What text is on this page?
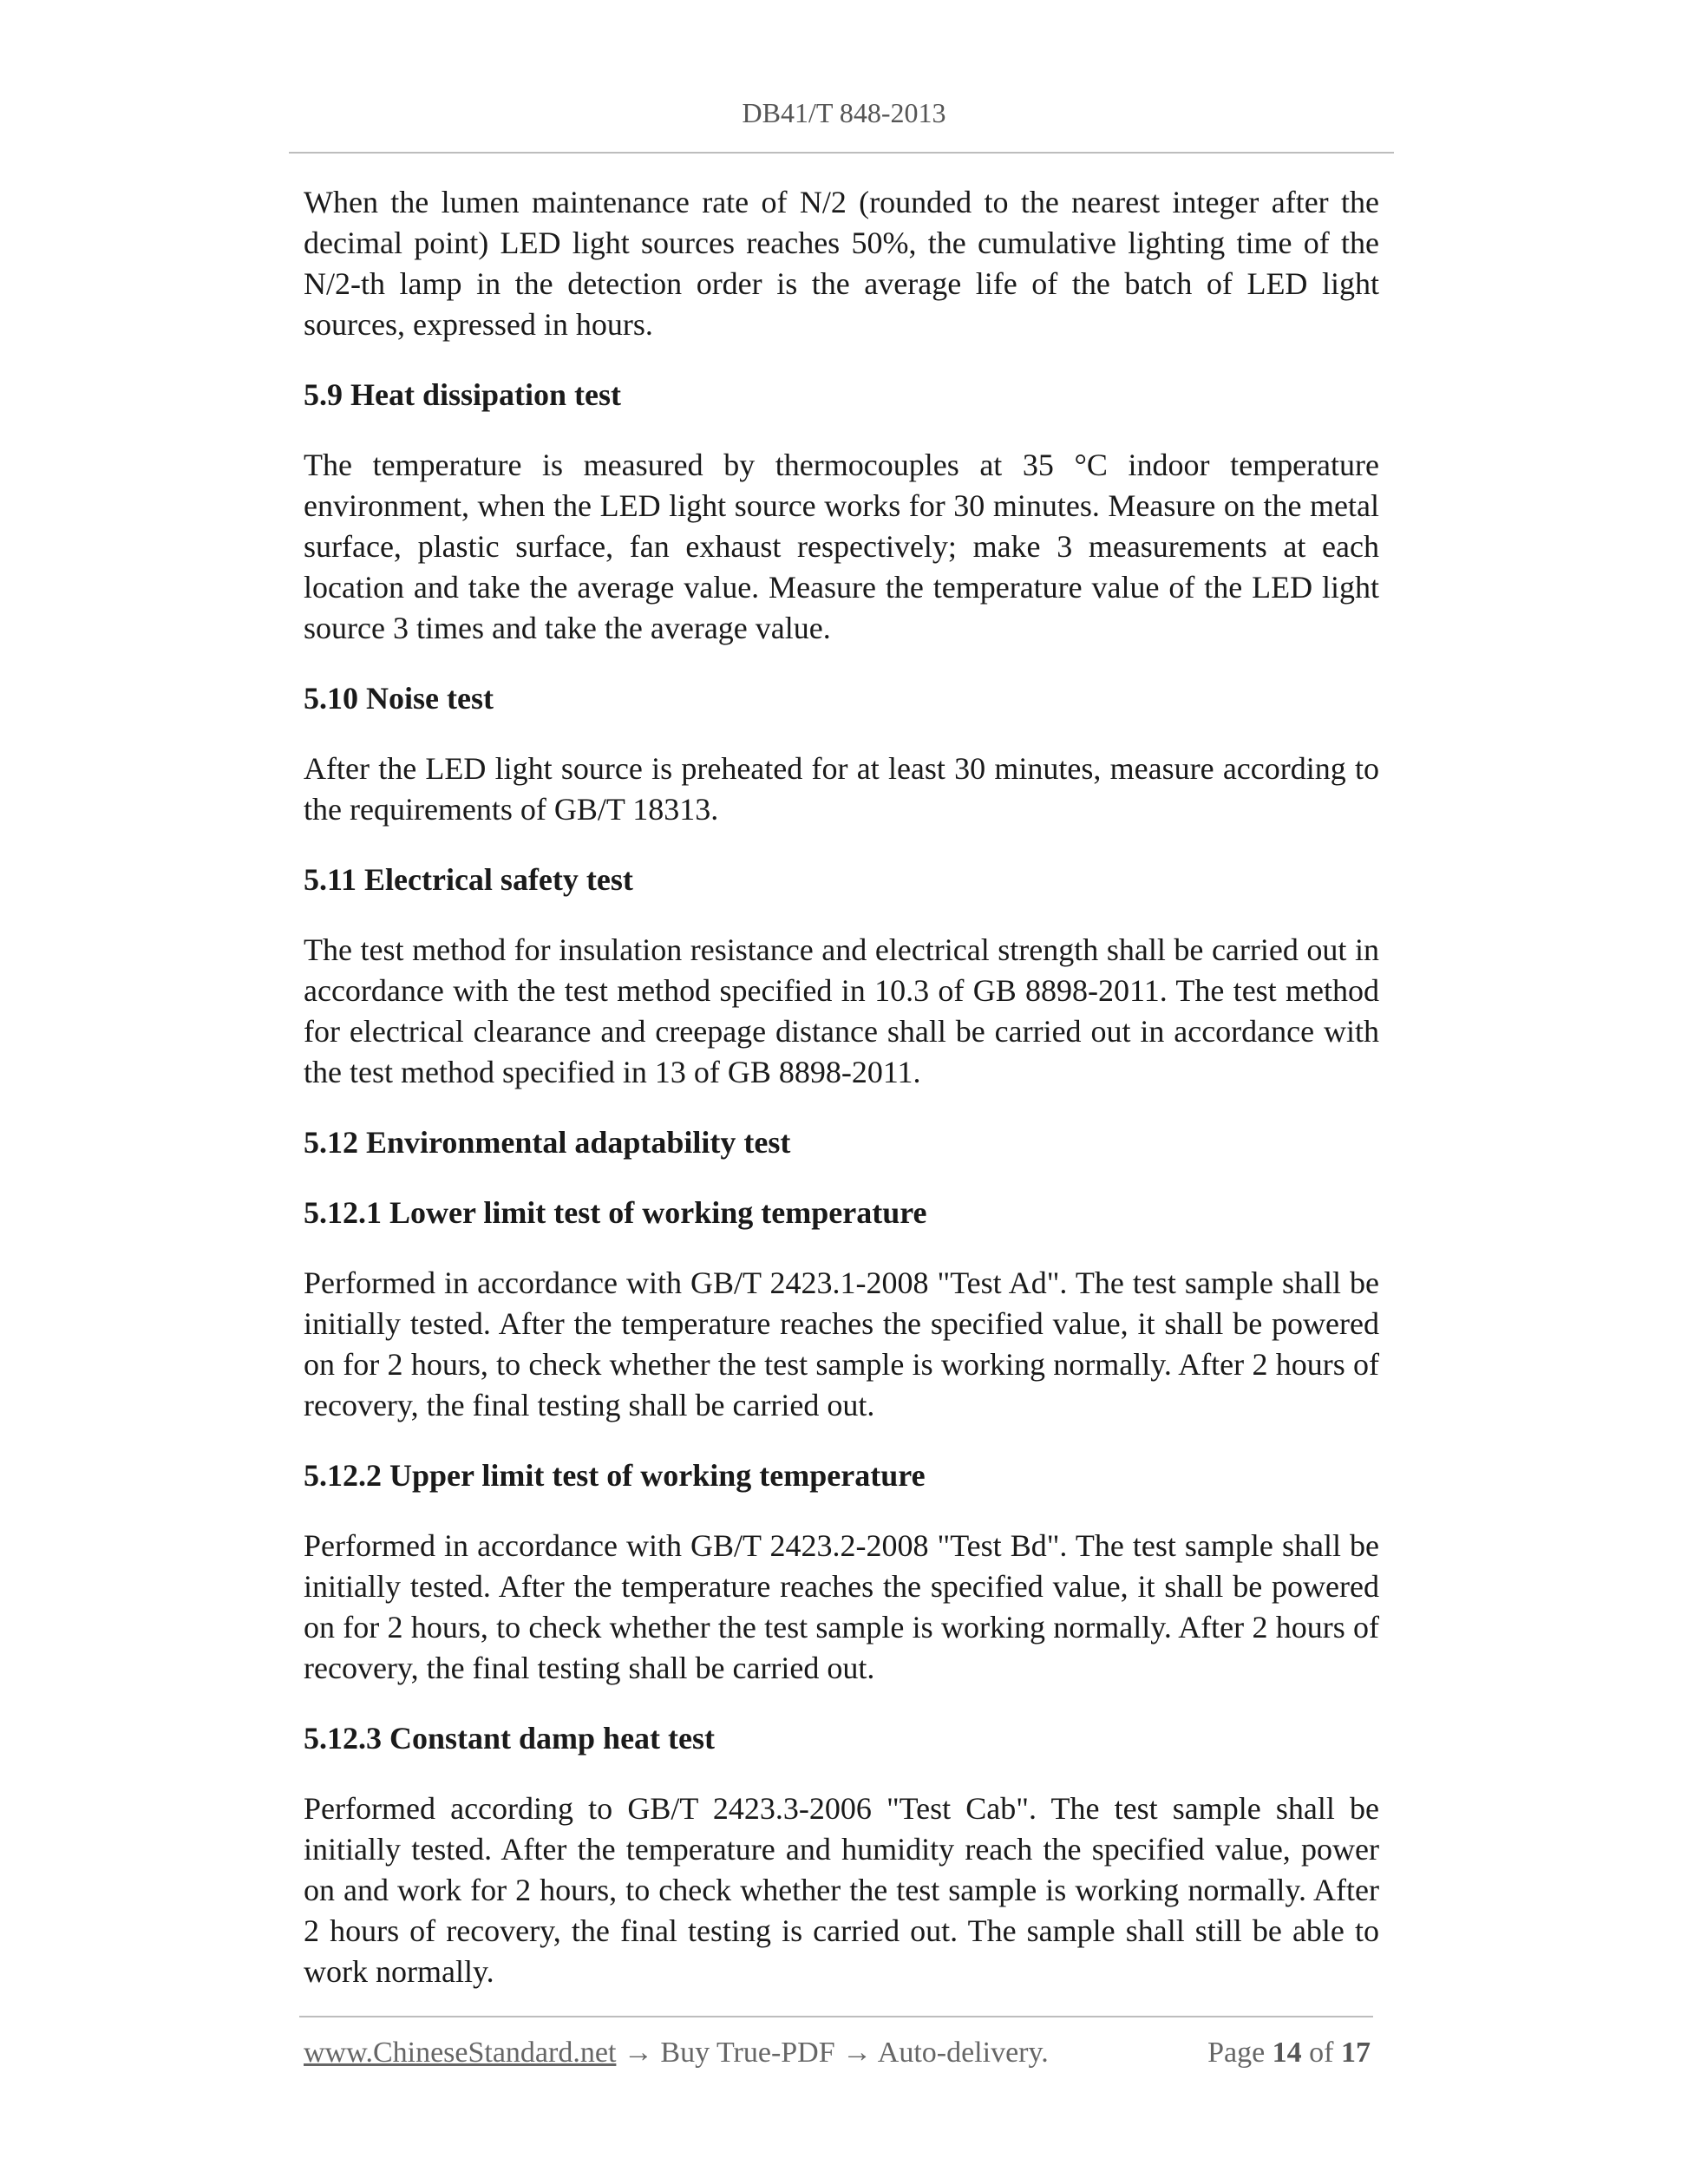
DB41/T 848-2013

When the lumen maintenance rate of N/2 (rounded to the nearest integer after the decimal point) LED light sources reaches 50%, the cumulative lighting time of the N/2-th lamp in the detection order is the average life of the batch of LED light sources, expressed in hours.

5.9 Heat dissipation test

The temperature is measured by thermocouples at 35 °C indoor temperature environment, when the LED light source works for 30 minutes. Measure on the metal surface, plastic surface, fan exhaust respectively; make 3 measurements at each location and take the average value. Measure the temperature value of the LED light source 3 times and take the average value.

5.10 Noise test

After the LED light source is preheated for at least 30 minutes, measure according to the requirements of GB/T 18313.

5.11 Electrical safety test

The test method for insulation resistance and electrical strength shall be carried out in accordance with the test method specified in 10.3 of GB 8898-2011. The test method for electrical clearance and creepage distance shall be carried out in accordance with the test method specified in 13 of GB 8898-2011.

5.12 Environmental adaptability test
5.12.1 Lower limit test of working temperature

Performed in accordance with GB/T 2423.1-2008 "Test Ad". The test sample shall be initially tested. After the temperature reaches the specified value, it shall be powered on for 2 hours, to check whether the test sample is working normally. After 2 hours of recovery, the final testing shall be carried out.

5.12.2 Upper limit test of working temperature

Performed in accordance with GB/T 2423.2-2008 "Test Bd". The test sample shall be initially tested. After the temperature reaches the specified value, it shall be powered on for 2 hours, to check whether the test sample is working normally. After 2 hours of recovery, the final testing shall be carried out.

5.12.3 Constant damp heat test

Performed according to GB/T 2423.3-2006 "Test Cab". The test sample shall be initially tested. After the temperature and humidity reach the specified value, power on and work for 2 hours, to check whether the test sample is working normally. After 2 hours of recovery, the final testing is carried out. The sample shall still be able to work normally.

www.ChineseStandard.net → Buy True-PDF → Auto-delivery.	Page 14 of 17
